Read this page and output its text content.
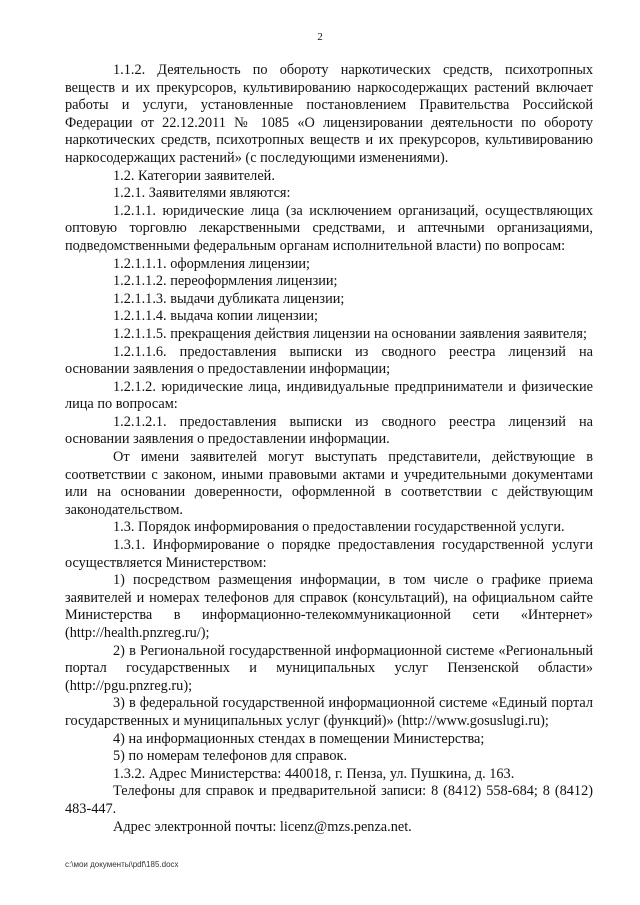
2

1.1.2. Деятельность по обороту наркотических средств, психотропных веществ и их прекурсоров, культивированию наркосодержащих растений включает работы и услуги, установленные постановлением Правительства Российской Федерации от 22.12.2011 № 1085 «О лицензировании деятельности по обороту наркотических средств, психотропных веществ и их прекурсоров, культивированию наркосодержащих растений» (с последующими изменениями).

1.2. Категории заявителей.

1.2.1. Заявителями являются:

1.2.1.1. юридические лица (за исключением организаций, осуществляющих оптовую торговлю лекарственными средствами, и аптечными организациями, подведомственными федеральным органам исполнительной власти) по вопросам:

1.2.1.1.1. оформления лицензии;

1.2.1.1.2. переоформления лицензии;

1.2.1.1.3. выдачи дубликата лицензии;

1.2.1.1.4. выдача копии лицензии;

1.2.1.1.5. прекращения действия лицензии на основании заявления заявителя;

1.2.1.1.6. предоставления выписки из сводного реестра лицензий на основании заявления о предоставлении информации;

1.2.1.2. юридические лица, индивидуальные предприниматели и физические лица по вопросам:

1.2.1.2.1. предоставления выписки из сводного реестра лицензий на основании заявления о предоставлении информации.

От имени заявителей могут выступать представители, действующие в соответствии с законом, иными правовыми актами и учредительными документами или на основании доверенности, оформленной в соответствии с действующим законодательством.

1.3. Порядок информирования о предоставлении государственной услуги.

1.3.1. Информирование о порядке предоставления государственной услуги осуществляется Министерством:

1) посредством размещения информации, в том числе о графике приема заявителей и номерах телефонов для справок (консультаций), на официальном сайте Министерства в информационно-телекоммуникационной сети «Интернет» (http://health.pnzreg.ru/);

2) в Региональной государственной информационной системе «Региональный портал государственных и муниципальных услуг Пензенской области» (http://pgu.pnzreg.ru);

3) в федеральной государственной информационной системе «Единый портал государственных и муниципальных услуг (функций)» (http://www.gosuslugi.ru);

4) на информационных стендах в помещении Министерства;

5) по номерам телефонов для справок.

1.3.2. Адрес Министерства: 440018, г. Пенза, ул. Пушкина, д. 163.

Телефоны для справок и предварительной записи: 8 (8412) 558-684; 8 (8412) 483-447.

Адрес электронной почты: licenz@mzs.penza.net.

c:\мои документы\pdf\185.docx
